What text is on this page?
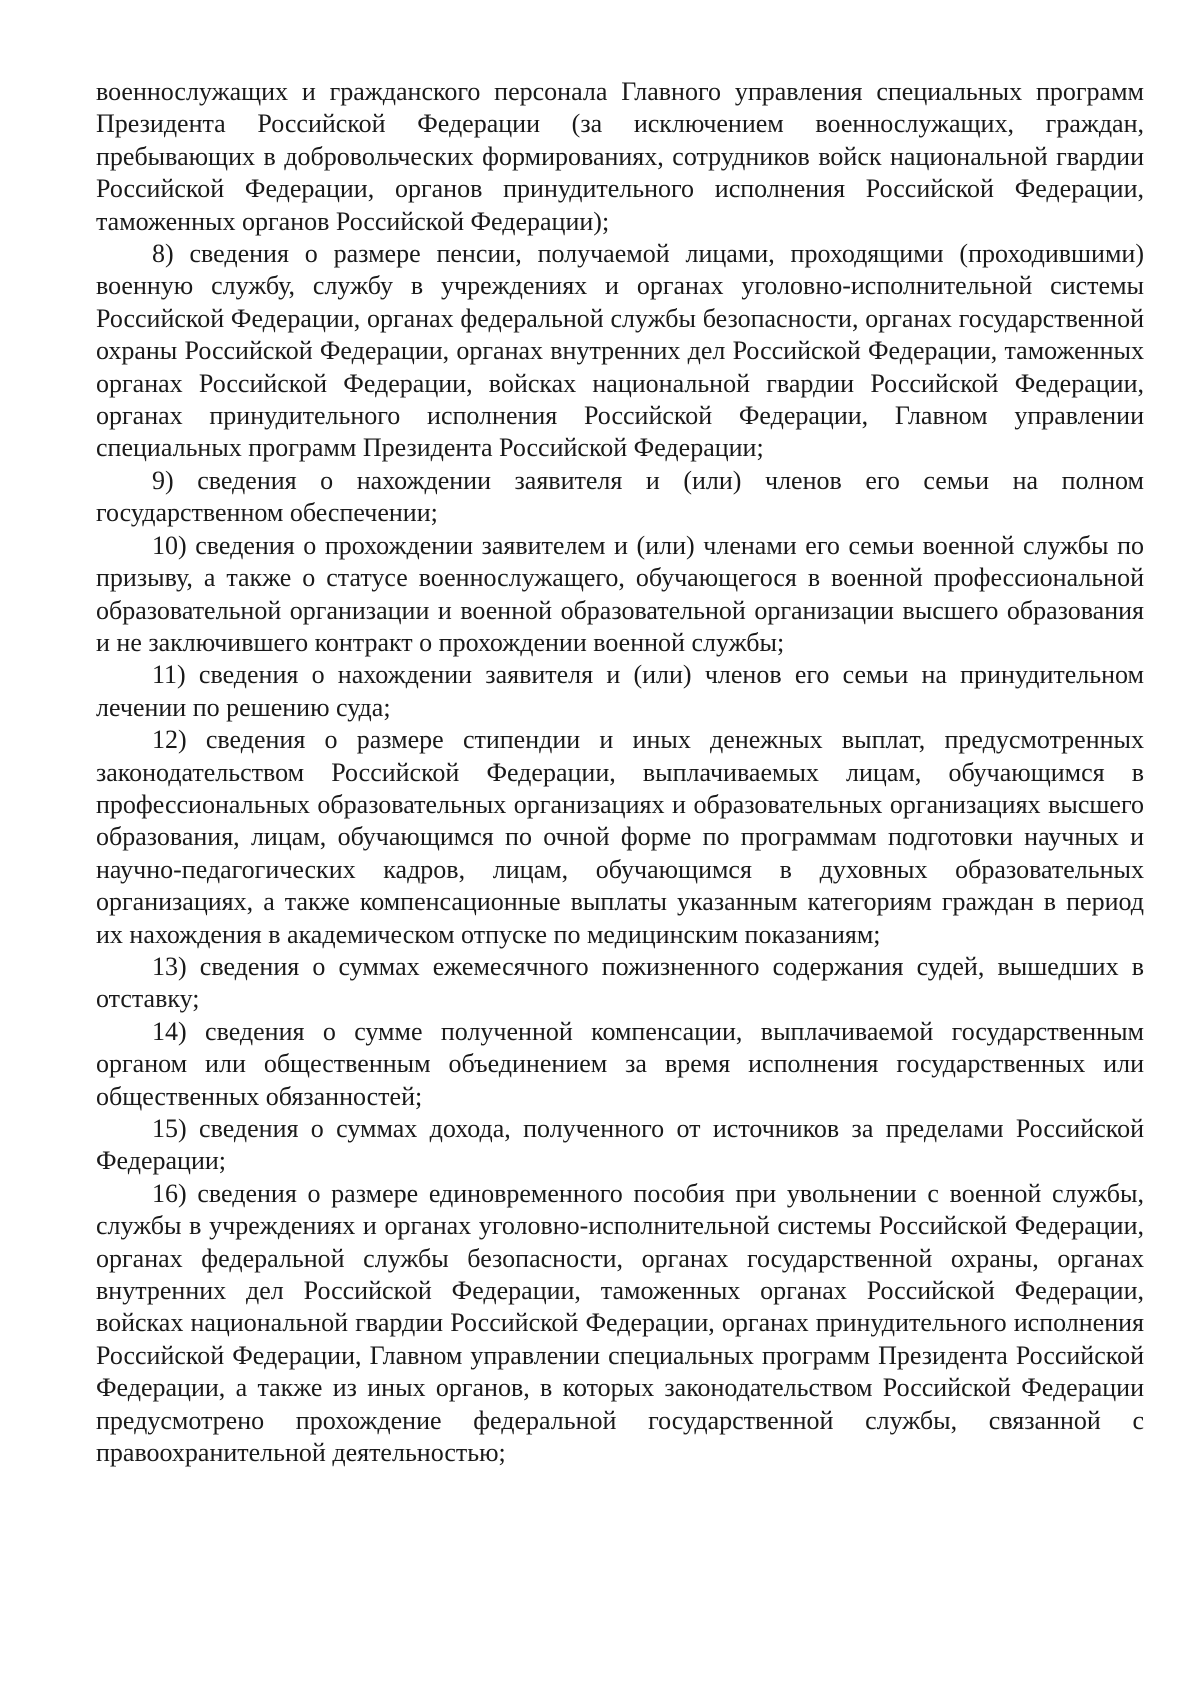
военнослужащих и гражданского персонала Главного управления специальных программ Президента Российской Федерации (за исключением военнослужащих, граждан, пребывающих в добровольческих формированиях, сотрудников войск национальной гвардии Российской Федерации, органов принудительного исполнения Российской Федерации, таможенных органов Российской Федерации);

8) сведения о размере пенсии, получаемой лицами, проходящими (проходившими) военную службу, службу в учреждениях и органах уголовно-исполнительной системы Российской Федерации, органах федеральной службы безопасности, органах государственной охраны Российской Федерации, органах внутренних дел Российской Федерации, таможенных органах Российской Федерации, войсках национальной гвардии Российской Федерации, органах принудительного исполнения Российской Федерации, Главном управлении специальных программ Президента Российской Федерации;

9) сведения о нахождении заявителя и (или) членов его семьи на полном государственном обеспечении;

10) сведения о прохождении заявителем и (или) членами его семьи военной службы по призыву, а также о статусе военнослужащего, обучающегося в военной профессиональной образовательной организации и военной образовательной организации высшего образования и не заключившего контракт о прохождении военной службы;

11) сведения о нахождении заявителя и (или) членов его семьи на принудительном лечении по решению суда;

12) сведения о размере стипендии и иных денежных выплат, предусмотренных законодательством Российской Федерации, выплачиваемых лицам, обучающимся в профессиональных образовательных организациях и образовательных организациях высшего образования, лицам, обучающимся по очной форме по программам подготовки научных и научно-педагогических кадров, лицам, обучающимся в духовных образовательных организациях, а также компенсационные выплаты указанным категориям граждан в период их нахождения в академическом отпуске по медицинским показаниям;

13) сведения о суммах ежемесячного пожизненного содержания судей, вышедших в отставку;

14) сведения о сумме полученной компенсации, выплачиваемой государственным органом или общественным объединением за время исполнения государственных или общественных обязанностей;

15) сведения о суммах дохода, полученного от источников за пределами Российской Федерации;

16) сведения о размере единовременного пособия при увольнении с военной службы, службы в учреждениях и органах уголовно-исполнительной системы Российской Федерации, органах федеральной службы безопасности, органах государственной охраны, органах внутренних дел Российской Федерации, таможенных органах Российской Федерации, войсках национальной гвардии Российской Федерации, органах принудительного исполнения Российской Федерации, Главном управлении специальных программ Президента Российской Федерации, а также из иных органов, в которых законодательством Российской Федерации предусмотрено прохождение федеральной государственной службы, связанной с правоохранительной деятельностью;
